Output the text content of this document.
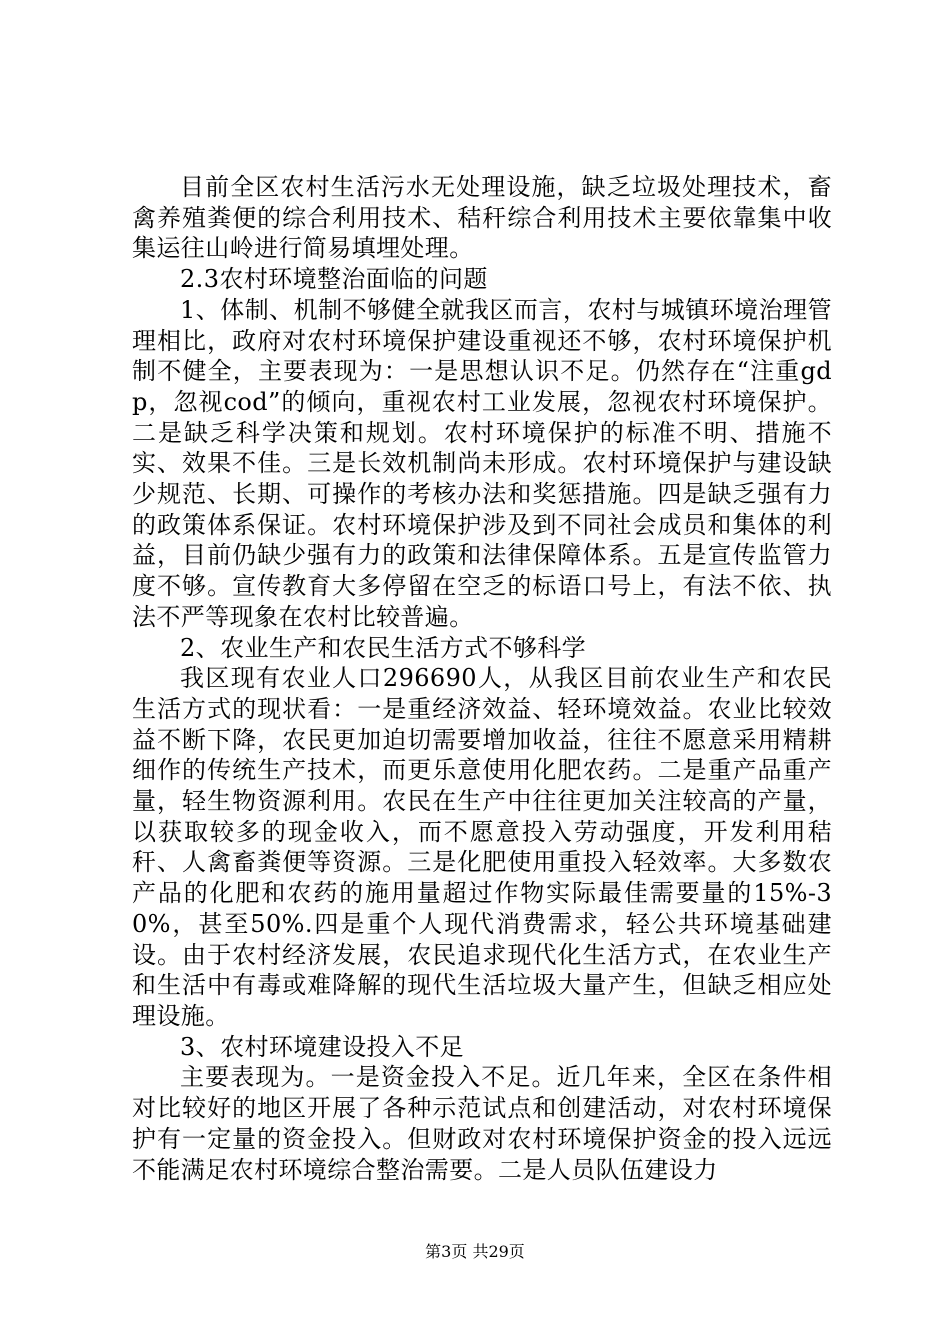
目前全区农村生活污水无处理设施，缺乏垃圾处理技术，畜禽养殖粪便的综合利用技术、秸秆综合利用技术主要依靠集中收集运往山岭进行简易填埋处理。

2.3农村环境整治面临的问题

1、体制、机制不够健全就我区而言，农村与城镇环境治理管理相比，政府对农村环境保护建设重视还不够，农村环境保护机制不健全，主要表现为：一是思想认识不足。仍然存在“注重gdp，忽视cod”的倾向，重视农村工业发展，忽视农村环境保护。二是缺乏科学决策和规划。农村环境保护的标准不明、措施不实、效果不佳。三是长效机制尚未形成。农村环境保护与建设缺少规范、长期、可操作的考核办法和奖惩措施。四是缺乏强有力的政策体系保证。农村环境保护涉及到不同社会成员和集体的利益，目前仍缺少强有力的政策和法律保障体系。五是宣传监管力度不够。宣传教育大多停留在空乏的标语口号上，有法不依、执法不严等现象在农村比较普遍。

2、农业生产和农民生活方式不够科学

我区现有农业人口296690人，从我区目前农业生产和农民生活方式的现状看：一是重经济效益、轻环境效益。农业比较效益不断下降，农民更加迫切需要增加收益，往往不愿意采用精耕细作的传统生产技术，而更乐意使用化肥农药。二是重产品重产量，轻生物资源利用。农民在生产中往往更加关注较高的产量，以获取较多的现金收入，而不愿意投入劳动强度，开发利用秸秆、人禽畜粪便等资源。三是化肥使用重投入轻效率。大多数农产品的化肥和农药的施用量超过作物实际最佳需要量的15%-30%，甚至50%.四是重个人现代消费需求，轻公共环境基础建设。由于农村经济发展，农民追求现代化生活方式，在农业生产和生活中有毒或难降解的现代生活垃圾大量产生，但缺乏相应处理设施。

3、农村环境建设投入不足

主要表现为。一是资金投入不足。近几年来，全区在条件相对比较好的地区开展了各种示范试点和创建活动，对农村环境保护有一定量的资金投入。但财政对农村环境保护资金的投入远远不能满足农村环境综合整治需要。二是人员队伍建设力

第3页 共29页
